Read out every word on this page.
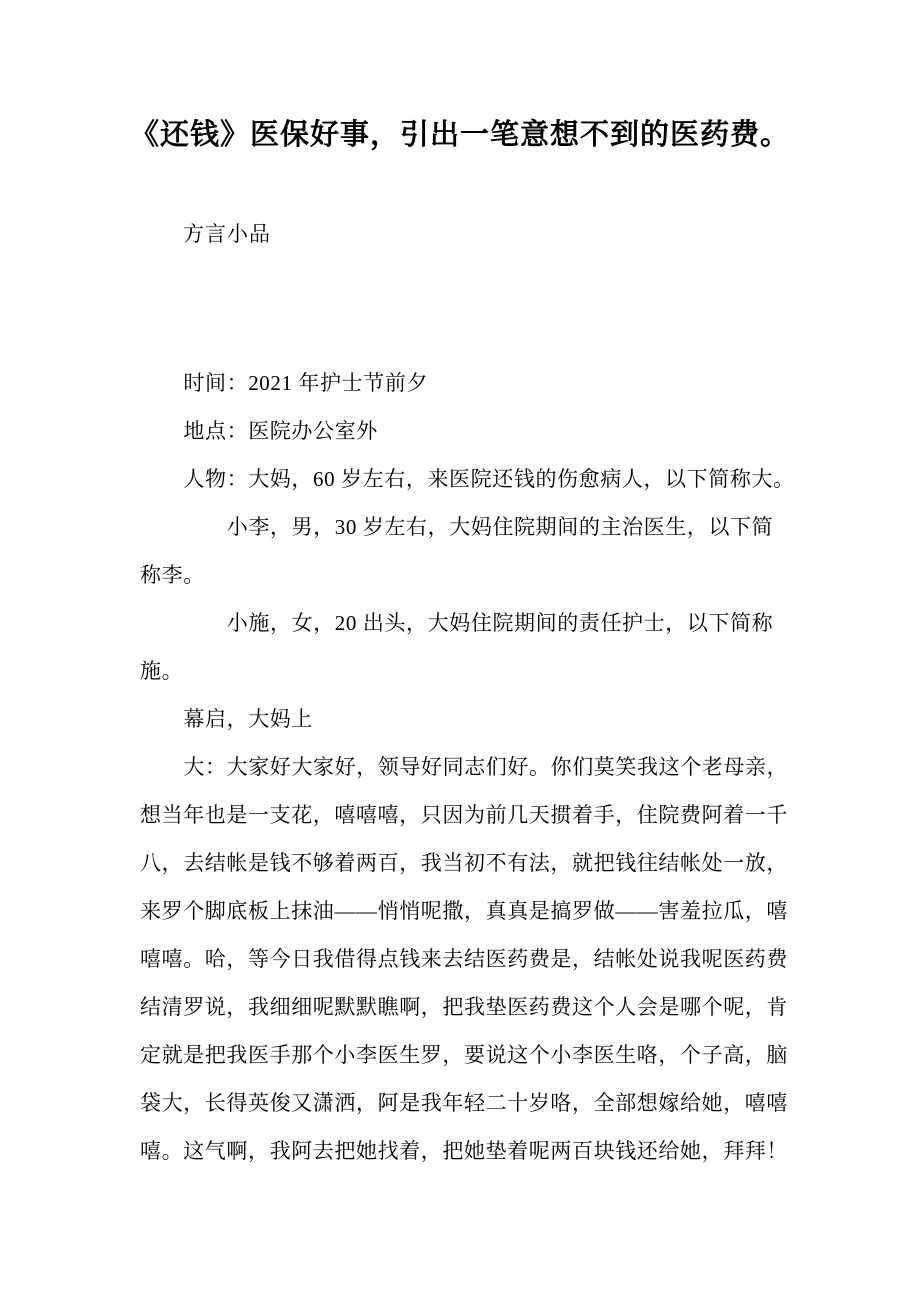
《还钱》医保好事，引出一笔意想不到的医药费。
方言小品
时间：2021 年护士节前夕
地点：医院办公室外
人物：大妈，60 岁左右，来医院还钱的伤愈病人，以下简称大。
小李，男，30 岁左右，大妈住院期间的主治医生，以下简
称李。
小施，女，20 出头，大妈住院期间的责任护士，以下简称
施。
幕启，大妈上
大：大家好大家好，领导好同志们好。你们莫笑我这个老母亲，
想当年也是一支花，嘻嘻嘻，只因为前几天掼着手，住院费阿着一千
八，去结帐是钱不够着两百，我当初不有法，就把钱往结帐处一放，
来罗个脚底板上抹油——悄悄呢撒，真真是搞罗做——害羞拉瓜，嘻
嘻嘻。哈，等今日我借得点钱来去结医药费是，结帐处说我呢医药费
结清罗说，我细细呢默默瞧啊，把我垫医药费这个人会是哪个呢，肯
定就是把我医手那个小李医生罗，要说这个小李医生咯，个子高，脑
袋大，长得英俊又潇洒，阿是我年轻二十岁咯，全部想嫁给她，嘻嘻
嘻。这气啊，我阿去把她找着，把她垫着呢两百块钱还给她，拜拜！
